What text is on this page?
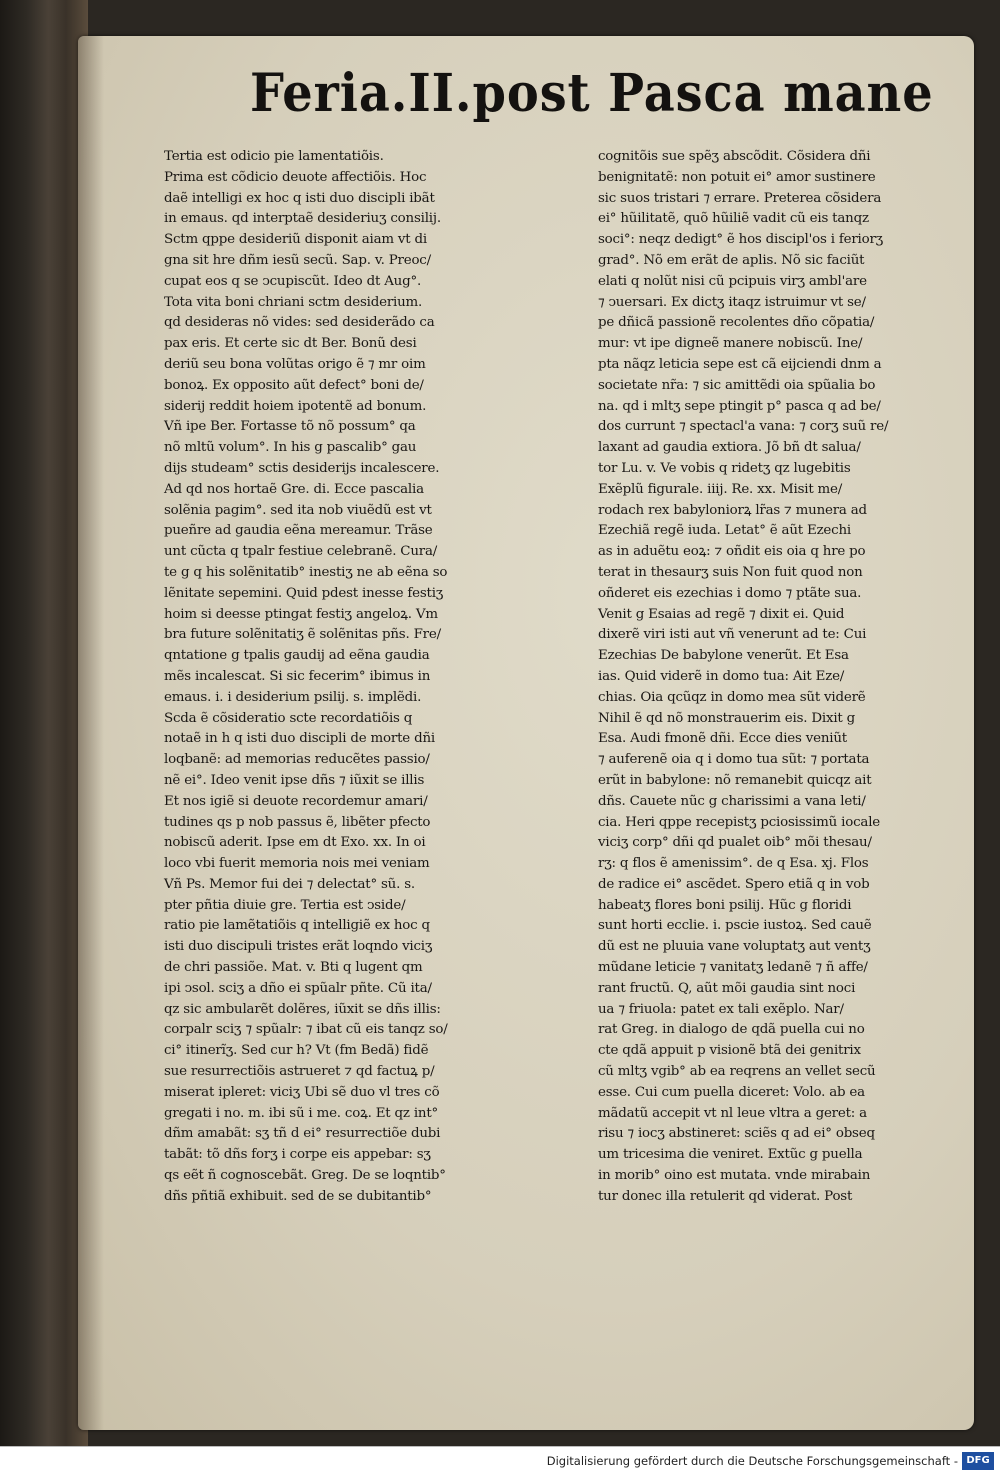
Feria.II.post Pasca mane
Tertia est odicio pie lamentatiõis.
Prima est cõdicio deuote affectiõis. Hoc
daẽ intelligi ex hoc q isti duo discipli ibãt
in emaus. qd interptaẽ desideriuʒ consilij.
Sctm qppe desideriũ disponit aiam vt di
gna sit hre dñm iesũ secũ. Sap. v. Preoc/
cupat eos q se ↄcupiscũt. Ideo dt Aug°.
Tota vita boni chriani sctm desiderium.
qd desideras nõ vides: sed desiderãdo ca
pax eris. Et certe sic dt Ber. Bonũ desi
deriũ seu bona volũtas origo ẽ ⁊ mr oim
bonoꝝ. Ex opposito aũt defect° boni de/
siderij reddit hoiem ipotentẽ ad bonum.
Vñ ipe Ber. Fortasse tõ nõ possum° qa
nõ mltũ volum°. In his g pascalib° gau
dijs studeam° sctis desiderijs incalescere.
Ad qd nos hortaẽ Gre. di. Ecce pascalia
solẽnia pagim°. sed ita nob viuẽdũ est vt
pueñre ad gaudia eẽna mereamur. Trãse
unt cũcta q tpalr festiue celebranẽ. Cura/
te g q his solẽnitatib° inestiʒ ne ab eẽna so
lẽnitate sepemini. Quid pdest inesse festiʒ
hoim si deesse ptingat festiʒ angeloꝝ. Vm
bra future solẽnitatiʒ ẽ solẽnitas pñs. Fre/
qntatione g tpalis gaudij ad eẽna gaudia
mẽs incalescat. Si sic fecerim° ibimus in
emaus. i. i desiderium psilij. s. implẽdi.
Scda ẽ cõsideratio scte recordatiõis q
notaẽ in h q isti duo discipli de morte dñi
loqbanẽ: ad memorias reducẽtes passio/
nẽ ei°. Ideo venit ipse dñs ⁊ iũxit se illis
Et nos igiẽ si deuote recordemur amari/
tudines qs p nob passus ẽ, libẽter pfecto
nobiscũ aderit. Ipse em dt Exo. xx. In oi
loco vbi fuerit memoria nois mei veniam
Vñ Ps. Memor fui dei ⁊ delectat° sũ. s.
pter pñtia diuie gre. Tertia est ↄside/
ratio pie lamẽtatiõis q intelligiẽ ex hoc q
isti duo discipuli tristes erãt loqndo viciʒ
de chri passiõe. Mat. v. Bti q lugent qm
ipi ↄsol. sciʒ a dño ei spũalr pñte. Cũ ita/
qz sic ambularẽt dolẽres, iũxit se dñs illis:
corpalr sciʒ ⁊ spũalr: ⁊ ibat cũ eis tanqz so/
ci° itinerĩʒ. Sed cur h? Vt (fm Bedã) fidẽ
sue resurrectiõis astrueret ⁊ qd factuꝝ p/
miserat ipleret: viciʒ Ubi sẽ duo vl tres cõ
gregati i no. m. ibi sũ i me. coꝝ. Et qz int°
dñm amabãt: sʒ tñ d ei° resurrectiõe dubi
tabãt: tõ dñs forʒ i corpe eis appebar: sʒ
qs eẽt ñ cognoscebãt. Greg. De se loqntib°
dñs pñtiã exhibuit. sed de se dubitantib°
cognitõis sue spẽʒ abscõdit. Cõsidera dñi
benignitatẽ: non potuit ei° amor sustinere
sic suos tristari ⁊ errare. Preterea cõsidera
ei° hũilitatẽ, quõ hũiliẽ vadit cũ eis tanqz
soci°: neqz dedigt° ẽ hos discipl'os i feriorʒ
grad°. Nõ em erãt de aplis. Nõ sic faciũt
elati q nolũt nisi cũ pcipuis virʒ ambl'are
⁊ ↄuersari. Ex dictʒ itaqz istruimur vt se/
pe dñicã passionẽ recolentes dño cõpatia/
mur: vt ipe digneẽ manere nobiscũ. Ine/
pta nãqz leticia sepe est cã eijciendi dnm a
societate nr̃a: ⁊ sic amittẽdi oia spũalia bo
na. qd i mltʒ sepe ptingit p° pasca q ad be/
dos currunt ⁊ spectacl'a vana: ⁊ corʒ suũ re/
laxant ad gaudia extiora. Jõ bñ dt salua/
tor Lu. v. Ve vobis q ridetʒ qz lugebitis
Exẽplũ figurale. iiij. Re. xx. Misit me/
rodach rex babyloniorꝝ lr̃as ⁊ munera ad
Ezechiã regẽ iuda. Letat° ẽ aũt Ezechi
as in aduẽtu eoꝝ: ⁊ oñdit eis oia q hre po
terat in thesaurʒ suis Non fuit quod non
oñderet eis ezechias i domo ⁊ ptãte sua.
Venit g Esaias ad regẽ ⁊ dixit ei. Quid
dixerẽ viri isti aut vñ venerunt ad te: Cui
Ezechias De babylone venerũt. Et Esa
ias. Quid viderẽ in domo tua: Ait Eze/
chias. Oia qcũqz in domo mea sũt viderẽ
Nihil ẽ qd nõ monstrauerim eis. Dixit g
Esa. Audi fmonẽ dñi. Ecce dies veniũt
⁊ auferenẽ oia q i domo tua sũt: ⁊ portata
erũt in babylone: nõ remanebit quicqz ait
dñs. Cauete nũc g charissimi a vana leti/
cia. Heri qppe recepistʒ pciosissimũ iocale
viciʒ corp° dñi qd pualet oib° mõi thesau/
rʒ: q flos ẽ amenissim°. de q Esa. xj. Flos
de radice ei° ascẽdet. Spero etiã q in vob
habeatʒ flores boni psilij. Hũc g floridi
sunt horti ecclie. i. pscie iustoꝝ. Sed cauẽ
dũ est ne pluuia vane voluptatʒ aut ventʒ
mũdane leticie ⁊ vanitatʒ ledanẽ ⁊ ñ affe/
rant fructũ. Q, aũt mõi gaudia sint noci
ua ⁊ friuola: patet ex tali exẽplo. Nar/
rat Greg. in dialogo de qdã puella cui no
cte qdã appuit p visionẽ btã dei genitrix
cũ mltʒ vgib° ab ea reqrens an vellet secũ
esse. Cui cum puella diceret: Volo. ab ea
mãdatũ accepit vt nl leue vltra a geret: a
risu ⁊ iocʒ abstineret: sciẽs q ad ei° obseq
um tricesima die veniret. Extũc g puella
in morib° oino est mutata. vnde mirabain
tur donec illa retulerit qd viderat. Post
Digitalisierung gefördert durch die Deutsche Forschungsgemeinschaft - DFG
